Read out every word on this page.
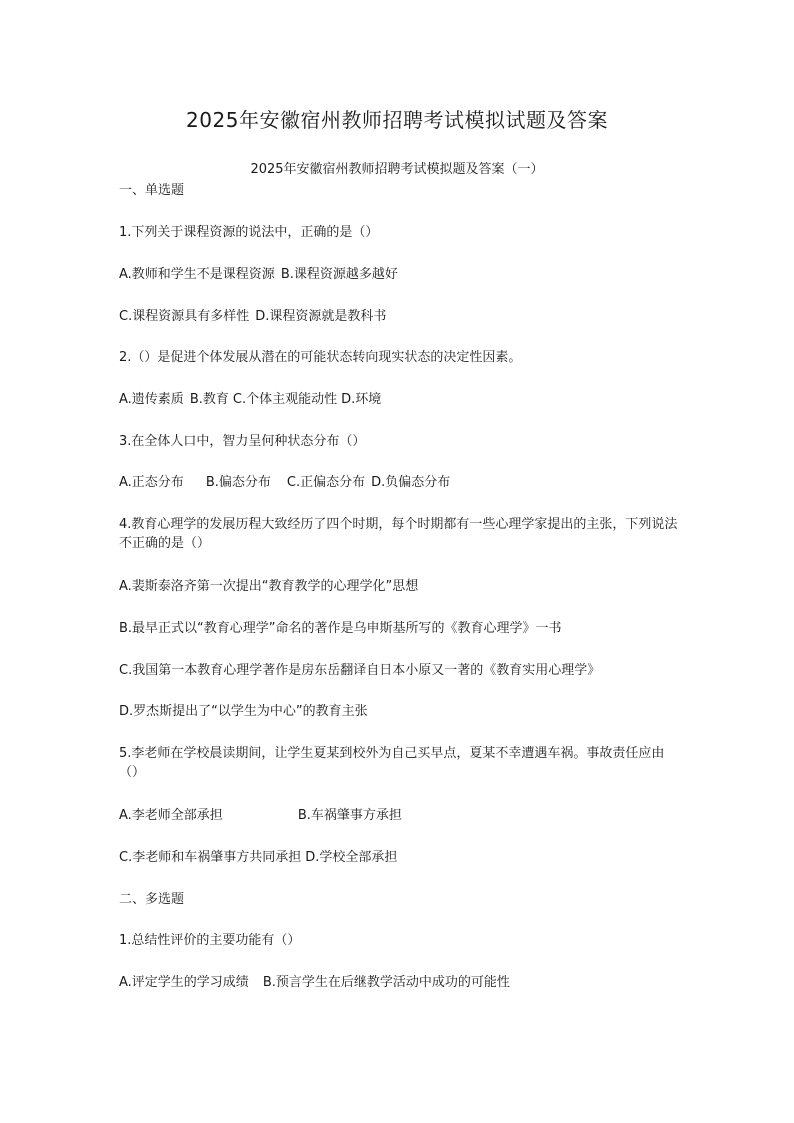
2025年安徽宿州教师招聘考试模拟试题及答案
2025年安徽宿州教师招聘考试模拟题及答案（一）
一、单选题
1.下列关于课程资源的说法中，正确的是（）
A.教师和学生不是课程资源 B.课程资源越多越好
C.课程资源具有多样性 D.课程资源就是教科书
2.（）是促进个体发展从潜在的可能状态转向现实状态的决定性因素。
A.遗传素质 B.教育 C.个体主观能动性 D.环境
3.在全体人口中，智力呈何种状态分布（）
A.正态分布 B.偏态分布 C.正偏态分布 D.负偏态分布
4.教育心理学的发展历程大致经历了四个时期，每个时期都有一些心理学家提出的主张，下列说法不正确的是（）
A.裴斯泰洛齐第一次提出“教育教学的心理学化”思想
B.最早正式以“教育心理学”命名的著作是乌申斯基所写的《教育心理学》一书
C.我国第一本教育心理学著作是房东岳翻译自日本小原又一著的《教育实用心理学》
D.罗杰斯提出了“以学生为中心”的教育主张
5.李老师在学校晨读期间，让学生夏某到校外为自己买早点，夏某不幸遭遇车祸。事故责任应由（）
A.李老师全部承担	B.车祸肇事方承担
C.李老师和车祸肇事方共同承担 D.学校全部承担
二、多选题
1.总结性评价的主要功能有（）
A.评定学生的学习成绩 B.预言学生在后继教学活动中成功的可能性
